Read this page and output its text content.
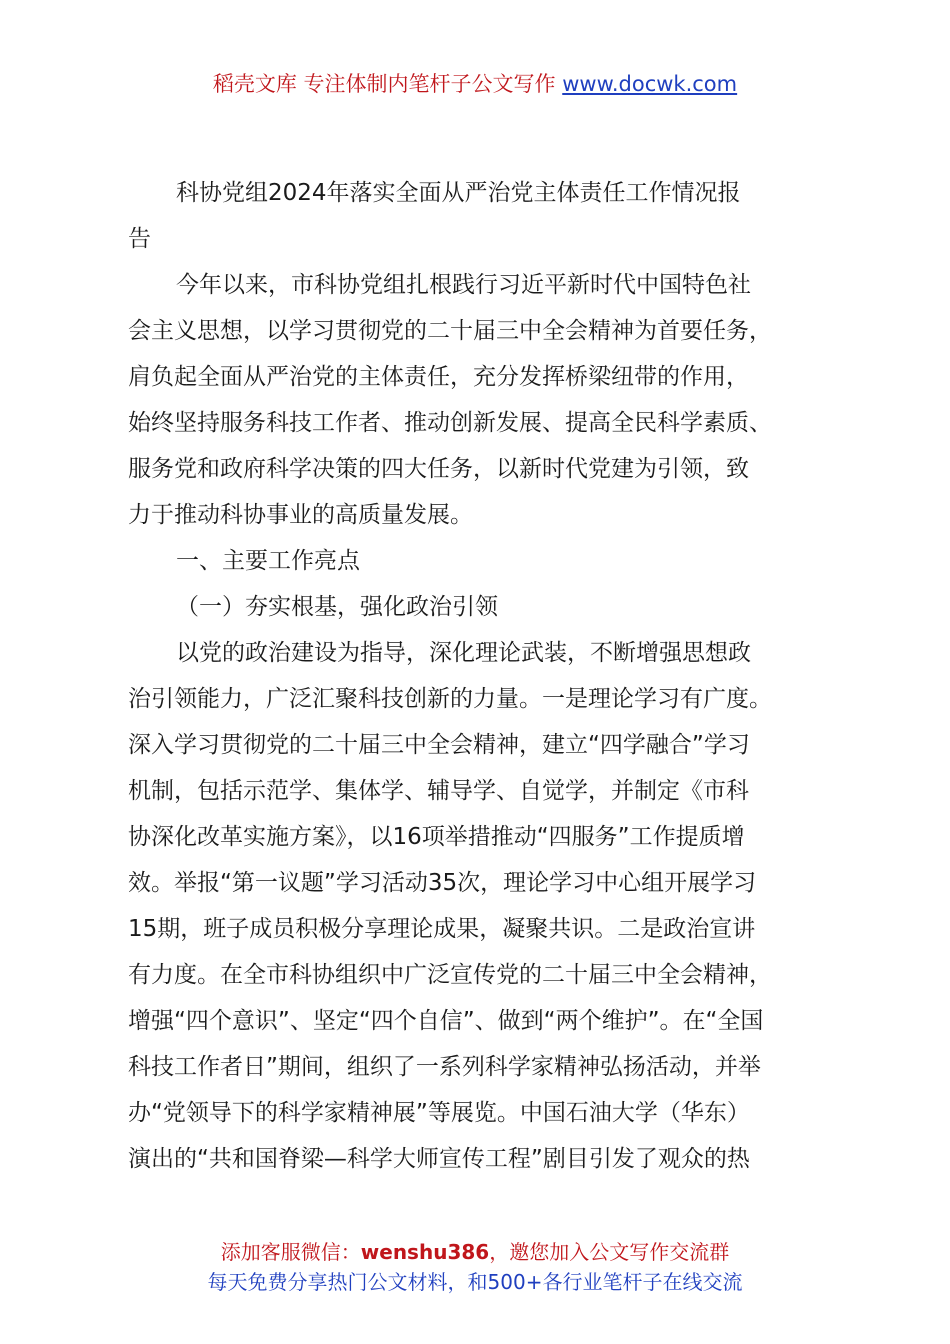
稻壳文库 专注体制内笔杆子公文写作 www.docwk.com
科协党组2024年落实全面从严治党主体责任工作情况报
告
今年以来，市科协党组扎根践行习近平新时代中国特色社
会主义思想，以学习贯彻党的二十届三中全会精神为首要任务，
肩负起全面从严治党的主体责任，充分发挥桥梁纽带的作用，
始终坚持服务科技工作者、推动创新发展、提高全民科学素质、
服务党和政府科学决策的四大任务，以新时代党建为引领，致
力于推动科协事业的高质量发展。
一、主要工作亮点
（一）夯实根基，强化政治引领
以党的政治建设为指导，深化理论武装，不断增强思想政
治引领能力，广泛汇聚科技创新的力量。一是理论学习有广度。
深入学习贯彻党的二十届三中全会精神，建立“四学融合”学习
机制，包括示范学、集体学、辅导学、自觉学，并制定《市科
协深化改革实施方案》，以16项举措推动“四服务”工作提质增
效。举报“第一议题”学习活动35次，理论学习中心组开展学习
15期，班子成员积极分享理论成果，凝聚共识。二是政治宣讲
有力度。在全市科协组织中广泛宣传党的二十届三中全会精神，
增强“四个意识”、坚定“四个自信”、做到“两个维护”。在“全国
科技工作者日”期间，组织了一系列科学家精神弘扬活动，并举
办“党领导下的科学家精神展”等展览。中国石油大学（华东）
演出的“共和国脊梁—科学大师宣传工程”剧目引发了观众的热
添加客服微信：wenshu386，邀您加入公文写作交流群
每天免费分享热门公文材料，和500+各行业笔杆子在线交流
